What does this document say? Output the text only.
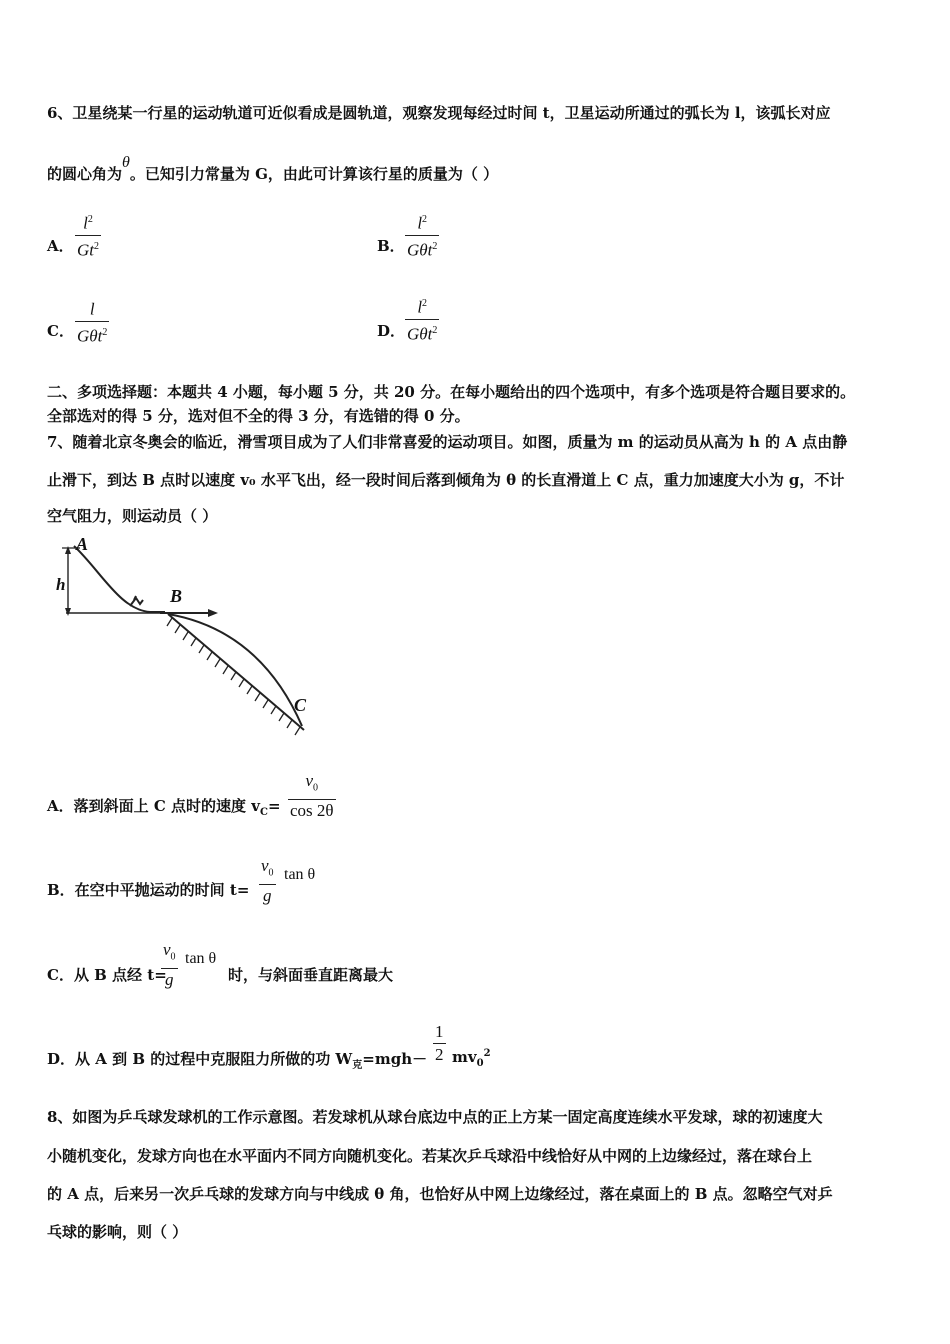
6、卫星绕某一行星的运动轨道可近似看成是圆轨道，观察发现每经过时间 t，卫星运动所通过的弧长为 l，该弧长对应
的圆心角为θ。已知引力常量为 G，由此可计算该行星的质量为（ ）
A．
$l^2$
Gt$^2$	B．
$l^2$
Gθt$^2$
C．
l
Gθt$^2$	D．
$l^2$
Gθt$^2$
二、多项选择题：本题共 4 小题，每小题 5 分，共 20 分。在每小题给出的四个选项中，有多个选项是符合题目要求的。
全部选对的得 5 分，选对但不全的得 3 分，有选错的得 0 分。
7、随着北京冬奥会的临近，滑雪项目成为了人们非常喜爱的运动项目。如图，质量为 m 的运动员从高为 h 的 A 点由静
止滑下，到达 B 点时以速度 v₀ 水平飞出，经一段时间后落到倾角为 θ 的长直滑道上 C 点，重力加速度大小为 g，不计
空气阻力，则运动员（ ）
A
h
B
C
A．落到斜面上 C 点时的速度 $v_C=$
$v_0$
cos 2θ
B．在空中平抛运动的时间 t=
$v_0$
g
tan θ
C．从 B 点经 t=
$v_0$
g
tan θ
时，与斜面垂直距离最大
D．从 A 到 B 的过程中克服阻力所做的功 $W_克=mgh-$
1
2 $mv_0^2$
8、如图为乒乓球发球机的工作示意图。若发球机从球台底边中点的正上方某一固定高度连续水平发球，球的初速度大
小随机变化，发球方向也在水平面内不同方向随机变化。若某次乒乓球沿中线恰好从中网的上边缘经过，落在球台上
的 A 点，后来另一次乒乓球的发球方向与中线成 θ 角，也恰好从中网上边缘经过，落在桌面上的 B 点。忽略空气对乒
乓球的影响，则（ ）
